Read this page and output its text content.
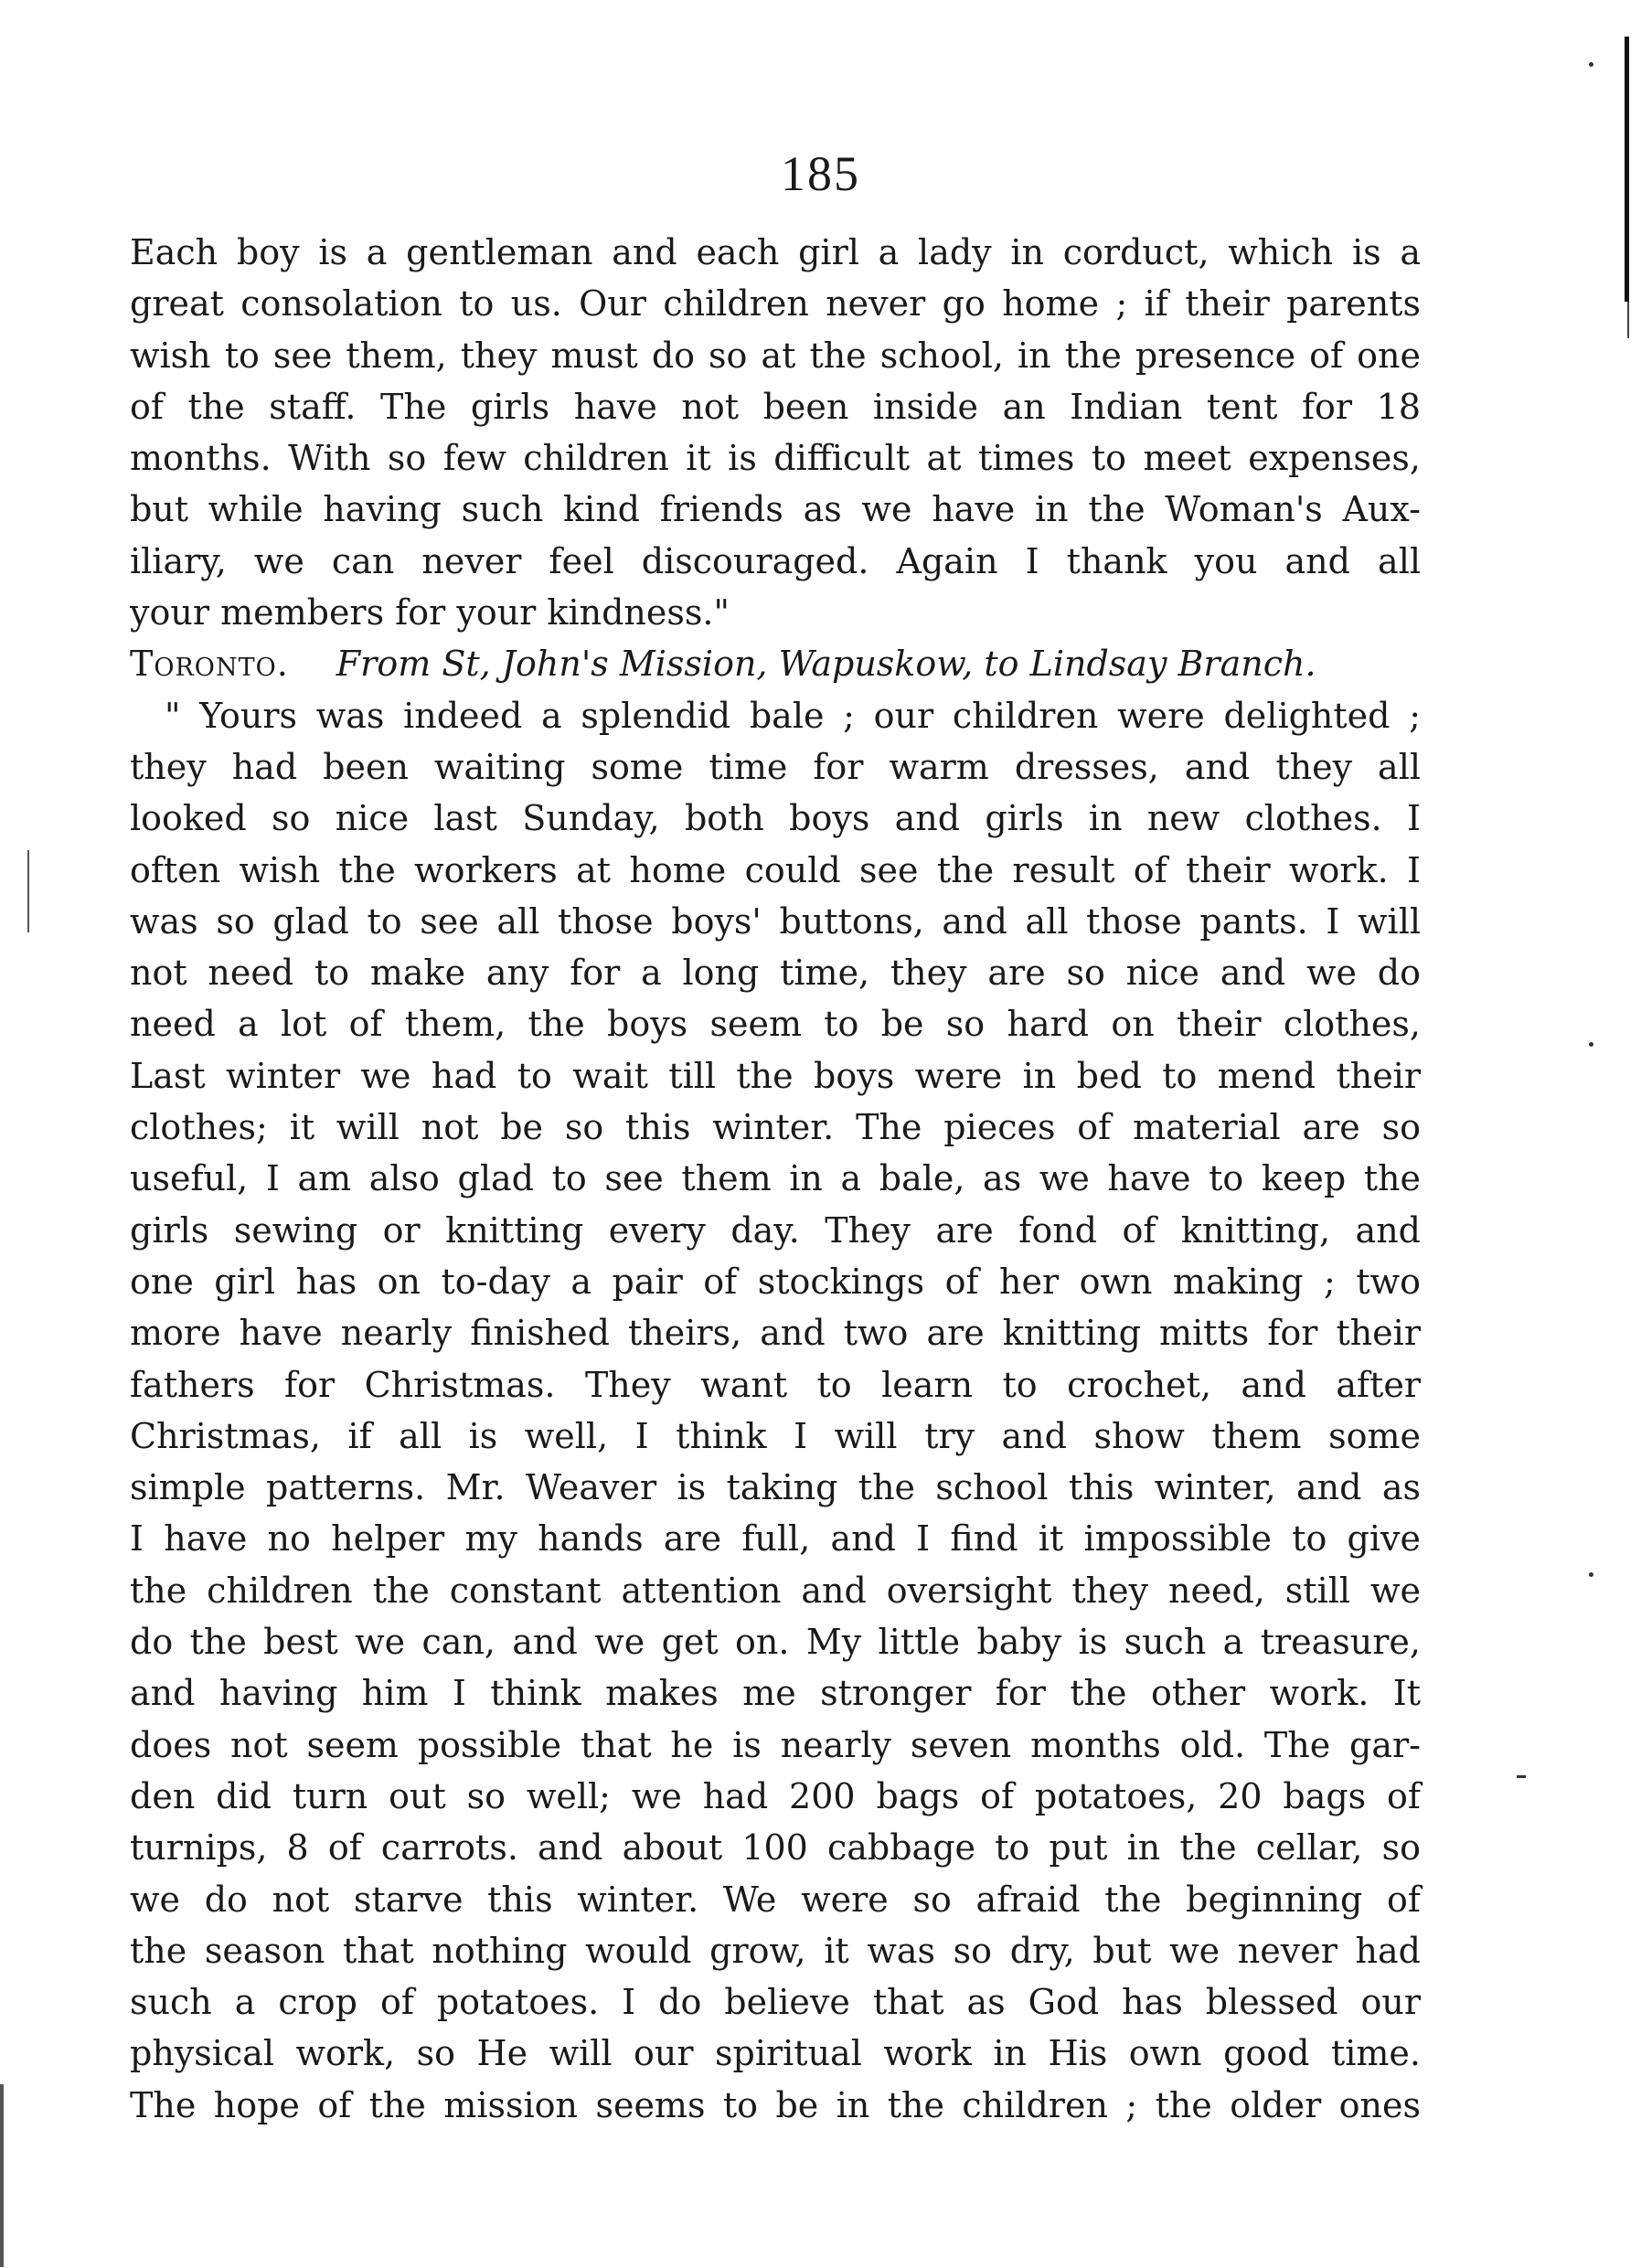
185
Each boy is a gentleman and each girl a lady in corduct, which is a
great consolation to us. Our children never go home ; if their parents
wish to see them, they must do so at the school, in the presence of one
of the staff. The girls have not been inside an Indian tent for 18
months. With so few children it is difficult at times to meet expenses,
but while having such kind friends as we have in the Woman's Aux-
iliary, we can never feel discouraged. Again I thank you and all
your members for your kindness."
Toronto. From St, John's Mission, Wapuskow, to Lindsay Branch.
" Yours was indeed a splendid bale ; our children were delighted ;
they had been waiting some time for warm dresses, and they all
looked so nice last Sunday, both boys and girls in new clothes. I
often wish the workers at home could see the result of their work. I
was so glad to see all those boys' buttons, and all those pants. I will
not need to make any for a long time, they are so nice and we do
need a lot of them, the boys seem to be so hard on their clothes,
Last winter we had to wait till the boys were in bed to mend their
clothes; it will not be so this winter. The pieces of material are so
useful, I am also glad to see them in a bale, as we have to keep the
girls sewing or knitting every day. They are fond of knitting, and
one girl has on to-day a pair of stockings of her own making ; two
more have nearly finished theirs, and two are knitting mitts for their
fathers for Christmas. They want to learn to crochet, and after
Christmas, if all is well, I think I will try and show them some
simple patterns. Mr. Weaver is taking the school this winter, and as
I have no helper my hands are full, and I find it impossible to give
the children the constant attention and oversight they need, still we
do the best we can, and we get on. My little baby is such a treasure,
and having him I think makes me stronger for the other work. It
does not seem possible that he is nearly seven months old. The gar-
den did turn out so well; we had 200 bags of potatoes, 20 bags of
turnips, 8 of carrots. and about 100 cabbage to put in the cellar, so
we do not starve this winter. We were so afraid the beginning of
the season that nothing would grow, it was so dry, but we never had
such a crop of potatoes. I do believe that as God has blessed our
physical work, so He will our spiritual work in His own good time.
The hope of the mission seems to be in the children ; the older ones
